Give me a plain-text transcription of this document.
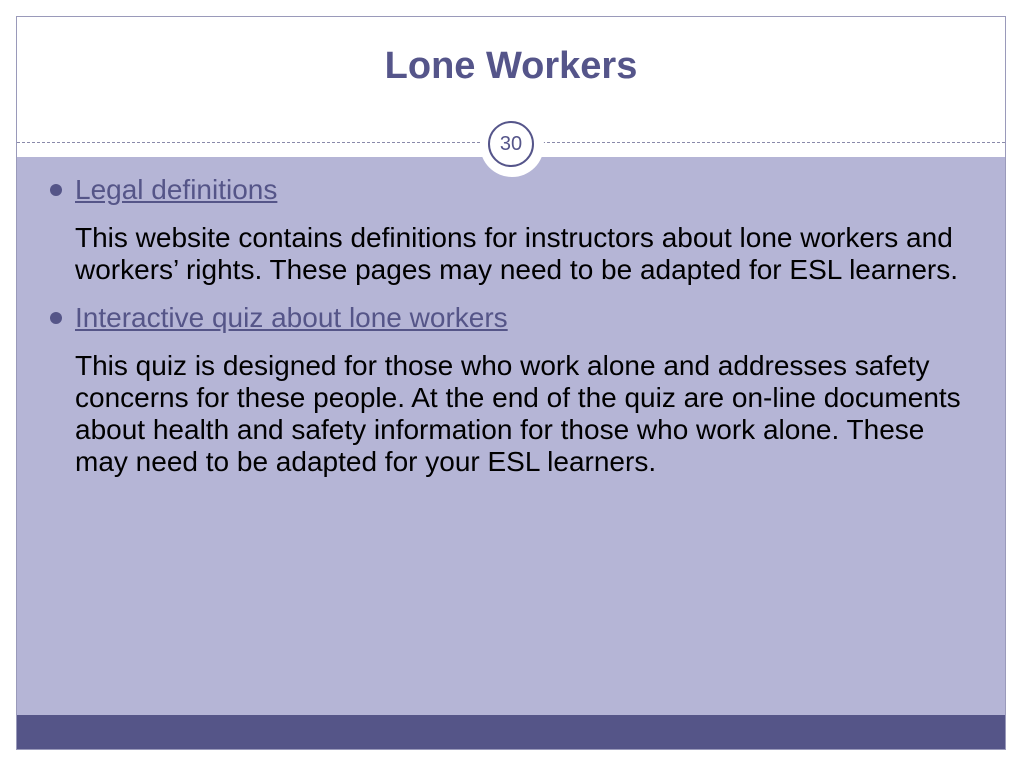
Lone Workers
30
Legal definitions
This website contains definitions for instructors about lone workers and workers’ rights. These pages may need to be adapted for ESL learners.
Interactive quiz about lone workers
This quiz is designed for those who work alone and addresses safety concerns for these people. At the end of the quiz are on-line documents about health and safety information for those who work alone. These may need to be adapted for your ESL learners.
